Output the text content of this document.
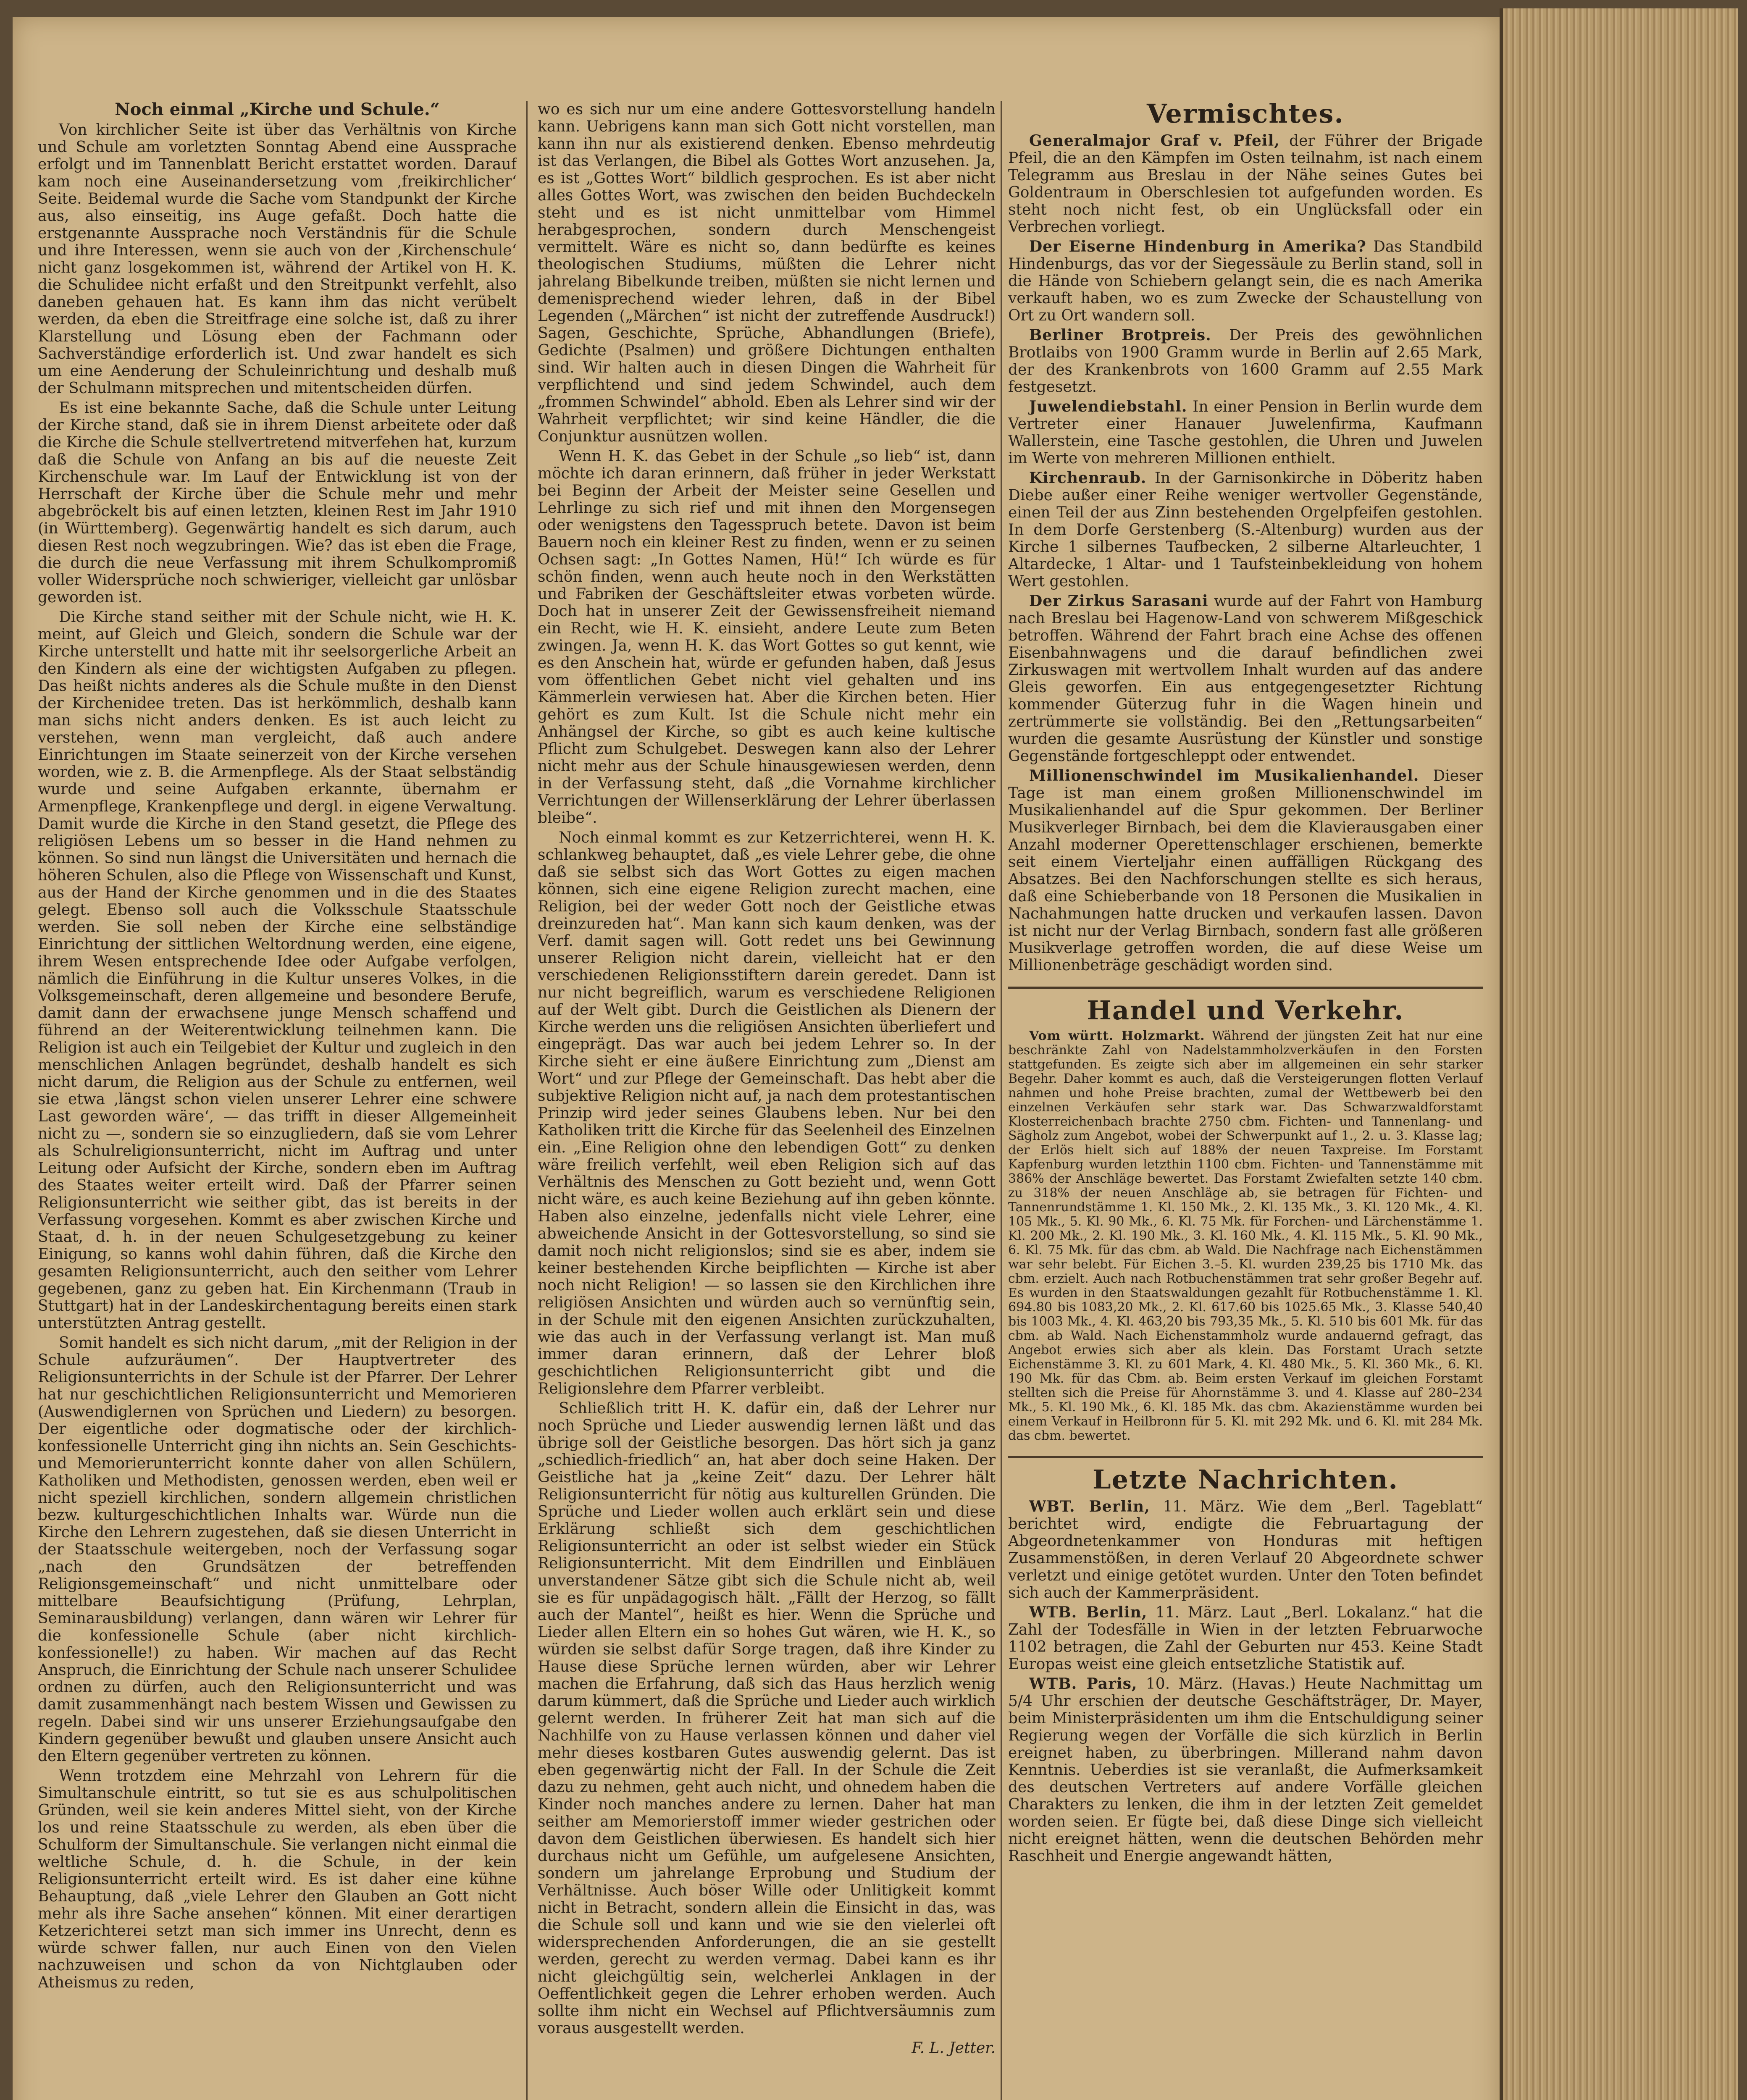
Noch einmal „Kirche und Schule.“

Von kirchlicher Seite ist über das Verhältnis von Kirche und Schule am vorletzten Sonntag Abend eine Aussprache erfolgt und im Tannenblatt Bericht erstattet worden. Darauf kam noch eine Auseinandersetzung vom ‚freikirchlicher‘ Seite. Beidemal wurde die Sache vom Standpunkt der Kirche aus, also einseitig, ins Auge gefaßt. Doch hatte die erstgenannte Aussprache noch Verständnis für die Schule und ihre Interessen, wenn sie auch von der ‚Kirchenschule‘ nicht ganz losgekommen ist, während der Artikel von H. K. die Schulidee nicht erfaßt und den Streitpunkt verfehlt, also daneben gehauen hat. Es kann ihm das nicht verübelt werden, da eben die Streitfrage eine solche ist, daß zu ihrer Klarstellung und Lösung eben der Fachmann oder Sachverständige erforderlich ist. Und zwar handelt es sich um eine Aenderung der Schuleinrichtung und deshalb muß der Schulmann mitsprechen und mitentscheiden dürfen.

Es ist eine bekannte Sache, daß die Schule unter Leitung der Kirche stand, daß sie in ihrem Dienst arbeitete oder daß die Kirche die Schule stellvertretend mitverfehen hat, kurzum daß die Schule von Anfang an bis auf die neueste Zeit Kirchenschule war. Im Lauf der Entwicklung ist von der Herrschaft der Kirche über die Schule mehr und mehr abgebröckelt bis auf einen letzten, kleinen Rest im Jahr 1910 (in Württemberg). Gegenwärtig handelt es sich darum, auch diesen Rest noch wegzubringen. Wie? das ist eben die Frage, die durch die neue Verfassung mit ihrem Schulkompromiß voller Widersprüche noch schwieriger, vielleicht gar unlösbar geworden ist.

Die Kirche stand seither mit der Schule nicht, wie H. K. meint, auf Gleich und Gleich, sondern die Schule war der Kirche unterstellt und hatte mit ihr seelsorgerliche Arbeit an den Kindern als eine der wichtigsten Aufgaben zu pflegen. Das heißt nichts anderes als die Schule mußte in den Dienst der Kirchenidee treten. Das ist herkömmlich, deshalb kann man sichs nicht anders denken. Es ist auch leicht zu verstehen, wenn man vergleicht, daß auch andere Einrichtungen im Staate seinerzeit von der Kirche versehen worden, wie z. B. die Armenpflege. Als der Staat selbständig wurde und seine Aufgaben erkannte, übernahm er Armenpflege, Krankenpflege und dergl. in eigene Verwaltung. Damit wurde die Kirche in den Stand gesetzt, die Pflege des religiösen Lebens um so besser in die Hand nehmen zu können. So sind nun längst die Universitäten und hernach die höheren Schulen, also die Pflege von Wissenschaft und Kunst, aus der Hand der Kirche genommen und in die des Staates gelegt. Ebenso soll auch die Volksschule Staatsschule werden. Sie soll neben der Kirche eine selbständige Einrichtung der sittlichen Weltordnung werden, eine eigene, ihrem Wesen entsprechende Idee oder Aufgabe verfolgen, nämlich die Einführung in die Kultur unseres Volkes, in die Volksgemeinschaft, deren allgemeine und besondere Berufe, damit dann der erwachsene junge Mensch schaffend und führend an der Weiterentwicklung teilnehmen kann. Die Religion ist auch ein Teilgebiet der Kultur und zugleich in den menschlichen Anlagen begründet, deshalb handelt es sich nicht darum, die Religion aus der Schule zu entfernen, weil sie etwa ‚längst schon vielen unserer Lehrer eine schwere Last geworden wäre‘, — das trifft in dieser Allgemeinheit nicht zu —, sondern sie so einzugliedern, daß sie vom Lehrer als Schulreligionsunterricht, nicht im Auftrag und unter Leitung oder Aufsicht der Kirche, sondern eben im Auftrag des Staates weiter erteilt wird. Daß der Pfarrer seinen Religionsunterricht wie seither gibt, das ist bereits in der Verfassung vorgesehen. Kommt es aber zwischen Kirche und Staat, d. h. in der neuen Schulgesetzgebung zu keiner Einigung, so kanns wohl dahin führen, daß die Kirche den gesamten Religionsunterricht, auch den seither vom Lehrer gegebenen, ganz zu geben hat. Ein Kirchenmann (Traub in Stuttgart) hat in der Landeskirchentagung bereits einen stark unterstützten Antrag gestellt.

Somit handelt es sich nicht darum, „mit der Religion in der Schule aufzuräumen“. Der Hauptvertreter des Religionsunterrichts in der Schule ist der Pfarrer. Der Lehrer hat nur geschichtlichen Religionsunterricht und Memorieren (Auswendiglernen von Sprüchen und Liedern) zu besorgen. Der eigentliche oder dogmatische oder der kirchlich-konfessionelle Unterricht ging ihn nichts an. Sein Geschichts- und Memorierunterricht konnte daher von allen Schülern, Katholiken und Methodisten, genossen werden, eben weil er nicht speziell kirchlichen, sondern allgemein christlichen bezw. kulturgeschichtlichen Inhalts war. Würde nun die Kirche den Lehrern zugestehen, daß sie diesen Unterricht in der Staatsschule weitergeben, noch der Verfassung sogar „nach den Grundsätzen der betreffenden Religionsgemeinschaft“ und nicht unmittelbare oder mittelbare Beaufsichtigung (Prüfung, Lehrplan, Seminarausbildung) verlangen, dann wären wir Lehrer für die konfessionelle Schule (aber nicht kirchlich-konfessionelle!) zu haben. Wir machen auf das Recht Anspruch, die Einrichtung der Schule nach unserer Schulidee ordnen zu dürfen, auch den Religionsunterricht und was damit zusammenhängt nach bestem Wissen und Gewissen zu regeln. Dabei sind wir uns unserer Erziehungsaufgabe den Kindern gegenüber bewußt und glauben unsere Ansicht auch den Eltern gegenüber vertreten zu können.

Wenn trotzdem eine Mehrzahl von Lehrern für die Simultanschule eintritt, so tut sie es aus schulpolitischen Gründen, weil sie kein anderes Mittel sieht, von der Kirche los und reine Staatsschule zu werden, als eben über die Schulform der Simultanschule. Sie verlangen nicht einmal die weltliche Schule, d. h. die Schule, in der kein Religionsunterricht erteilt wird. Es ist daher eine kühne Behauptung, daß „viele Lehrer den Glauben an Gott nicht mehr als ihre Sache ansehen“ können. Mit einer derartigen Ketzerichterei setzt man sich immer ins Unrecht, denn es würde schwer fallen, nur auch Einen von den Vielen nachzuweisen und schon da von Nichtglauben oder Atheismus zu reden,

wo es sich nur um eine andere Gottesvorstellung handeln kann. Uebrigens kann man sich Gott nicht vorstellen, man kann ihn nur als existierend denken. Ebenso mehrdeutig ist das Verlangen, die Bibel als Gottes Wort anzusehen. Ja, es ist „Gottes Wort“ bildlich gesprochen. Es ist aber nicht alles Gottes Wort, was zwischen den beiden Buchdeckeln steht und es ist nicht unmittelbar vom Himmel herabgesprochen, sondern durch Menschengeist vermittelt. Wäre es nicht so, dann bedürfte es keines theologischen Studiums, müßten die Lehrer nicht jahrelang Bibelkunde treiben, müßten sie nicht lernen und demenisprechend wieder lehren, daß in der Bibel Legenden („Märchen“ ist nicht der zutreffende Ausdruck!) Sagen, Geschichte, Sprüche, Abhandlungen (Briefe), Gedichte (Psalmen) und größere Dichtungen enthalten sind. Wir halten auch in diesen Dingen die Wahrheit für verpflichtend und sind jedem Schwindel, auch dem „frommen Schwindel“ abhold. Eben als Lehrer sind wir der Wahrheit verpflichtet; wir sind keine Händler, die die Conjunktur ausnützen wollen.

Wenn H. K. das Gebet in der Schule „so lieb“ ist, dann möchte ich daran erinnern, daß früher in jeder Werkstatt bei Beginn der Arbeit der Meister seine Gesellen und Lehrlinge zu sich rief und mit ihnen den Morgensegen oder wenigstens den Tagesspruch betete. Davon ist beim Bauern noch ein kleiner Rest zu finden, wenn er zu seinen Ochsen sagt: „In Gottes Namen, Hü!“ Ich würde es für schön finden, wenn auch heute noch in den Werkstätten und Fabriken der Geschäftsleiter etwas vorbeten würde. Doch hat in unserer Zeit der Gewissensfreiheit niemand ein Recht, wie H. K. einsieht, andere Leute zum Beten zwingen. Ja, wenn H. K. das Wort Gottes so gut kennt, wie es den Anschein hat, würde er gefunden haben, daß Jesus vom öffentlichen Gebet nicht viel gehalten und ins Kämmerlein verwiesen hat. Aber die Kirchen beten. Hier gehört es zum Kult. Ist die Schule nicht mehr ein Anhängsel der Kirche, so gibt es auch keine kultische Pflicht zum Schulgebet. Deswegen kann also der Lehrer nicht mehr aus der Schule hinausgewiesen werden, denn in der Verfassung steht, daß „die Vornahme kirchlicher Verrichtungen der Willenserklärung der Lehrer überlassen bleibe“.

Noch einmal kommt es zur Ketzerrichterei, wenn H. K. schlankweg behauptet, daß „es viele Lehrer gebe, die ohne daß sie selbst sich das Wort Gottes zu eigen machen können, sich eine eigene Religion zurecht machen, eine Religion, bei der weder Gott noch der Geistliche etwas dreinzureden hat“. Man kann sich kaum denken, was der Verf. damit sagen will. Gott redet uns bei Gewinnung unserer Religion nicht darein, vielleicht hat er den verschiedenen Religionsstiftern darein geredet. Dann ist nur nicht begreiflich, warum es verschiedene Religionen auf der Welt gibt. Durch die Geistlichen als Dienern der Kirche werden uns die religiösen Ansichten überliefert und eingeprägt. Das war auch bei jedem Lehrer so. In der Kirche sieht er eine äußere Einrichtung zum „Dienst am Wort“ und zur Pflege der Gemeinschaft. Das hebt aber die subjektive Religion nicht auf, ja nach dem protestantischen Prinzip wird jeder seines Glaubens leben. Nur bei den Katholiken tritt die Kirche für das Seelenheil des Einzelnen ein. „Eine Religion ohne den lebendigen Gott“ zu denken wäre freilich verfehlt, weil eben Religion sich auf das Verhältnis des Menschen zu Gott bezieht und, wenn Gott nicht wäre, es auch keine Beziehung auf ihn geben könnte. Haben also einzelne, jedenfalls nicht viele Lehrer, eine abweichende Ansicht in der Gottesvorstellung, so sind sie damit noch nicht religionslos; sind sie es aber, indem sie keiner bestehenden Kirche beipflichten — Kirche ist aber noch nicht Religion! — so lassen sie den Kirchlichen ihre religiösen Ansichten und würden auch so vernünftig sein, in der Schule mit den eigenen Ansichten zurückzuhalten, wie das auch in der Verfassung verlangt ist. Man muß immer daran erinnern, daß der Lehrer bloß geschichtlichen Religionsunterricht gibt und die Religionslehre dem Pfarrer verbleibt.

Schließlich tritt H. K. dafür ein, daß der Lehrer nur noch Sprüche und Lieder auswendig lernen läßt und das übrige soll der Geistliche besorgen. Das hört sich ja ganz „schiedlich-friedlich“ an, hat aber doch seine Haken. Der Geistliche hat ja „keine Zeit“ dazu. Der Lehrer hält Religionsunterricht für nötig aus kulturellen Gründen. Die Sprüche und Lieder wollen auch erklärt sein und diese Erklärung schließt sich dem geschichtlichen Religionsunterricht an oder ist selbst wieder ein Stück Religionsunterricht. Mit dem Eindrillen und Einbläuen unverstandener Sätze gibt sich die Schule nicht ab, weil sie es für unpädagogisch hält. „Fällt der Herzog, so fällt auch der Mantel“, heißt es hier. Wenn die Sprüche und Lieder allen Eltern ein so hohes Gut wären, wie H. K., so würden sie selbst dafür Sorge tragen, daß ihre Kinder zu Hause diese Sprüche lernen würden, aber wir Lehrer machen die Erfahrung, daß sich das Haus herzlich wenig darum kümmert, daß die Sprüche und Lieder auch wirklich gelernt werden. In früherer Zeit hat man sich auf die Nachhilfe von zu Hause verlassen können und daher viel mehr dieses kostbaren Gutes auswendig gelernt. Das ist eben gegenwärtig nicht der Fall. In der Schule die Zeit dazu zu nehmen, geht auch nicht, und ohnedem haben die Kinder noch manches andere zu lernen. Daher hat man seither am Memorierstoff immer wieder gestrichen oder davon dem Geistlichen überwiesen. Es handelt sich hier durchaus nicht um Gefühle, um aufgelesene Ansichten, sondern um jahrelange Erprobung und Studium der Verhältnisse. Auch böser Wille oder Unlitigkeit kommt nicht in Betracht, sondern allein die Einsicht in das, was die Schule soll und kann und wie sie den vielerlei oft widersprechenden Anforderungen, die an sie gestellt werden, gerecht zu werden vermag. Dabei kann es ihr nicht gleichgültig sein, welcherlei Anklagen in der Oeffentlichkeit gegen die Lehrer erhoben werden. Auch sollte ihm nicht ein Wechsel auf Pflichtversäumnis zum voraus ausgestellt werden.

F. L. Jetter.
Vermischtes.

Generalmajor Graf v. Pfeil, der Führer der Brigade Pfeil, die an den Kämpfen im Osten teilnahm, ist nach einem Telegramm aus Breslau in der Nähe seines Gutes bei Goldentraum in Oberschlesien tot aufgefunden worden. Es steht noch nicht fest, ob ein Unglücksfall oder ein Verbrechen vorliegt.

Der Eiserne Hindenburg in Amerika? Das Standbild Hindenburgs, das vor der Siegessäule zu Berlin stand, soll in die Hände von Schiebern gelangt sein, die es nach Amerika verkauft haben, wo es zum Zwecke der Schaustellung von Ort zu Ort wandern soll.

Berliner Brotpreis. Der Preis des gewöhnlichen Brotlaibs von 1900 Gramm wurde in Berlin auf 2.65 Mark, der des Krankenbrots von 1600 Gramm auf 2.55 Mark festgesetzt.

Juwelendiebstahl. In einer Pension in Berlin wurde dem Vertreter einer Hanauer Juwelenfirma, Kaufmann Wallerstein, eine Tasche gestohlen, die Uhren und Juwelen im Werte von mehreren Millionen enthielt.

Kirchenraub. In der Garnisonkirche in Döberitz haben Diebe außer einer Reihe weniger wertvoller Gegenstände, einen Teil der aus Zinn bestehenden Orgelpfeifen gestohlen. In dem Dorfe Gerstenberg (S.-Altenburg) wurden aus der Kirche 1 silbernes Taufbecken, 2 silberne Altarleuchter, 1 Altardecke, 1 Altar- und 1 Taufsteinbekleidung von hohem Wert gestohlen.

Der Zirkus Sarasani wurde auf der Fahrt von Hamburg nach Breslau bei Hagenow-Land von schwerem Mißgeschick betroffen. Während der Fahrt brach eine Achse des offenen Eisenbahnwagens und die darauf befindlichen zwei Zirkuswagen mit wertvollem Inhalt wurden auf das andere Gleis geworfen. Ein aus entgegengesetzter Richtung kommender Güterzug fuhr in die Wagen hinein und zertrümmerte sie vollständig. Bei den „Rettungsarbeiten“ wurden die gesamte Ausrüstung der Künstler und sonstige Gegenstände fortgeschleppt oder entwendet.

Millionenschwindel im Musikalienhandel. Dieser Tage ist man einem großen Millionenschwindel im Musikalienhandel auf die Spur gekommen. Der Berliner Musikverleger Birnbach, bei dem die Klavierausgaben einer Anzahl moderner Operettenschlager erschienen, bemerkte seit einem Vierteljahr einen auffälligen Rückgang des Absatzes. Bei den Nachforschungen stellte es sich heraus, daß eine Schieberbande von 18 Personen die Musikalien in Nachahmungen hatte drucken und verkaufen lassen. Davon ist nicht nur der Verlag Birnbach, sondern fast alle größeren Musikverlage getroffen worden, die auf diese Weise um Millionenbeträge geschädigt worden sind.

Handel und Verkehr.

Vom württ. Holzmarkt. Während der jüngsten Zeit hat nur eine beschränkte Zahl von Nadelstammholzverkäufen in den Forsten stattgefunden. Es zeigte sich aber im allgemeinen ein sehr starker Begehr. Daher kommt es auch, daß die Versteigerungen flotten Verlauf nahmen und hohe Preise brachten, zumal der Wettbewerb bei den einzelnen Verkäufen sehr stark war. Das Schwarzwaldforstamt Klosterreichenbach brachte 2750 cbm. Fichten- und Tannenlang- und Sägholz zum Angebot, wobei der Schwerpunkt auf 1., 2. u. 3. Klasse lag; der Erlös hielt sich auf 188% der neuen Taxpreise. Im Forstamt Kapfenburg wurden letzthin 1100 cbm. Fichten- und Tannenstämme mit 386% der Anschläge bewertet. Das Forstamt Zwiefalten setzte 140 cbm. zu 318% der neuen Anschläge ab, sie betragen für Fichten- und Tannenrundstämme 1. Kl. 150 Mk., 2. Kl. 135 Mk., 3. Kl. 120 Mk., 4. Kl. 105 Mk., 5. Kl. 90 Mk., 6. Kl. 75 Mk. für Forchen- und Lärchenstämme 1. Kl. 200 Mk., 2. Kl. 190 Mk., 3. Kl. 160 Mk., 4. Kl. 115 Mk., 5. Kl. 90 Mk., 6. Kl. 75 Mk. für das cbm. ab Wald. Die Nachfrage nach Eichenstämmen war sehr belebt. Für Eichen 3.–5. Kl. wurden 239,25 bis 1710 Mk. das cbm. erzielt. Auch nach Rotbuchenstämmen trat sehr großer Begehr auf. Es wurden in den Staatswaldungen gezahlt für Rotbuchenstämme 1. Kl. 694.80 bis 1083,20 Mk., 2. Kl. 617.60 bis 1025.65 Mk., 3. Klasse 540,40 bis 1003 Mk., 4. Kl. 463,20 bis 793,35 Mk., 5. Kl. 510 bis 601 Mk. für das cbm. ab Wald. Nach Eichenstammholz wurde andauernd gefragt, das Angebot erwies sich aber als klein. Das Forstamt Urach setzte Eichenstämme 3. Kl. zu 601 Mark, 4. Kl. 480 Mk., 5. Kl. 360 Mk., 6. Kl. 190 Mk. für das Cbm. ab. Beim ersten Verkauf im gleichen Forstamt stellten sich die Preise für Ahornstämme 3. und 4. Klasse auf 280–234 Mk., 5. Kl. 190 Mk., 6. Kl. 185 Mk. das cbm. Akazienstämme wurden bei einem Verkauf in Heilbronn für 5. Kl. mit 292 Mk. und 6. Kl. mit 284 Mk. das cbm. bewertet.

Letzte Nachrichten.

WBT. Berlin, 11. März. Wie dem „Berl. Tageblatt“ berichtet wird, endigte die Februartagung der Abgeordnetenkammer von Honduras mit heftigen Zusammenstößen, in deren Verlauf 20 Abgeordnete schwer verletzt und einige getötet wurden. Unter den Toten befindet sich auch der Kammerpräsident.

WTB. Berlin, 11. März. Laut „Berl. Lokalanz.“ hat die Zahl der Todesfälle in Wien in der letzten Februarwoche 1102 betragen, die Zahl der Geburten nur 453. Keine Stadt Europas weist eine gleich entsetzliche Statistik auf.

WTB. Paris, 10. März. (Havas.) Heute Nachmittag um 5/4 Uhr erschien der deutsche Geschäftsträger, Dr. Mayer, beim Ministerpräsidenten um ihm die Entschuldigung seiner Regierung wegen der Vorfälle die sich kürzlich in Berlin ereignet haben, zu überbringen. Millerand nahm davon Kenntnis. Ueberdies ist sie veranlaßt, die Aufmerksamkeit des deutschen Vertreters auf andere Vorfälle gleichen Charakters zu lenken, die ihm in der letzten Zeit gemeldet worden seien. Er fügte bei, daß diese Dinge sich vielleicht nicht ereignet hätten, wenn die deutschen Behörden mehr Raschheit und Energie angewandt hätten,
